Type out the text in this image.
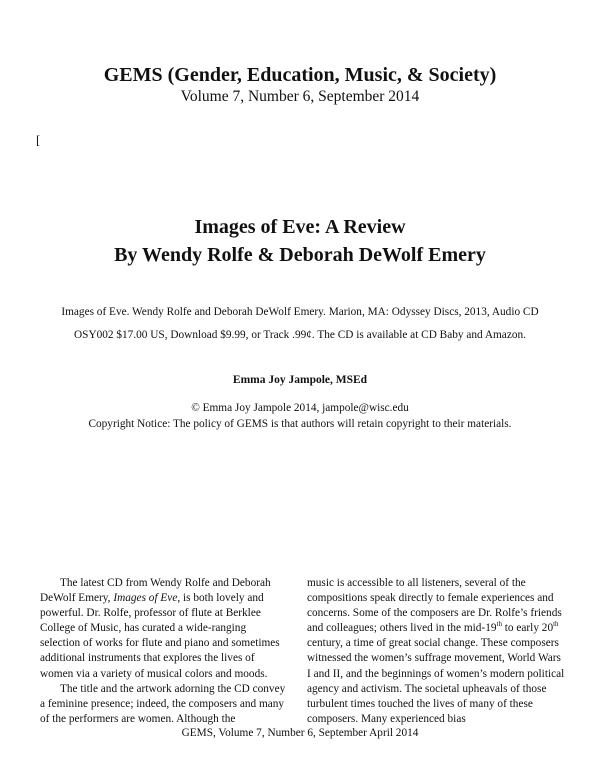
GEMS (Gender, Education, Music, & Society)
Volume 7, Number 6, September 2014
[
Images of Eve: A Review
By Wendy Rolfe & Deborah DeWolf Emery
Images of Eve. Wendy Rolfe and Deborah DeWolf Emery. Marion, MA: Odyssey Discs, 2013, Audio CD
OSY002 $17.00 US, Download $9.99, or Track .99¢. The CD is available at CD Baby and Amazon.
Emma Joy Jampole, MSEd
© Emma Joy Jampole 2014, jampole@wisc.edu
Copyright Notice: The policy of GEMS is that authors will retain copyright to their materials.

The latest CD from Wendy Rolfe and Deborah DeWolf Emery, Images of Eve, is both lovely and powerful. Dr. Rolfe, professor of flute at Berklee College of Music, has curated a wide-ranging selection of works for flute and piano and sometimes additional instruments that explores the lives of women via a variety of musical colors and moods.

The title and the artwork adorning the CD convey a feminine presence; indeed, the composers and many of the performers are women. Although the

music is accessible to all listeners, several of the compositions speak directly to female experiences and concerns. Some of the composers are Dr. Rolfe’s friends and colleagues; others lived in the mid-19th to early 20th century, a time of great social change. These composers witnessed the women’s suffrage movement, World Wars I and II, and the beginnings of women’s modern political agency and activism. The societal upheavals of those turbulent times touched the lives of many of these composers. Many experienced bias

GEMS, Volume 7, Number 6, September April 2014
